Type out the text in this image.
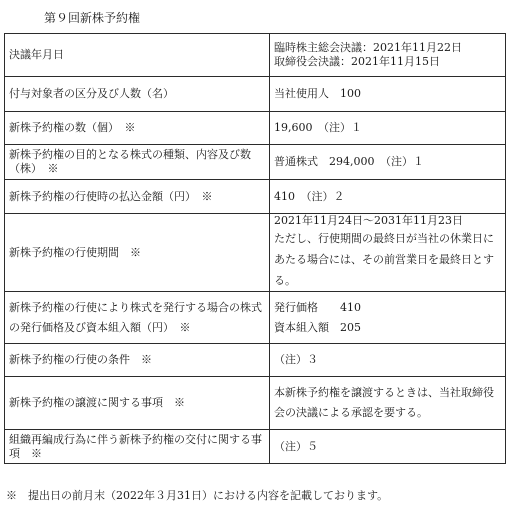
第９回新株予約権
決議年月日	臨時株主総会決議：2021年11月22日
取締役会決議：2021年11月15日

付与対象者の区分及び人数（名）	当社使用人　100

新株予約権の数（個）　※	19,600　（注）１

新株予約権の目的となる株式の種類、内容及び数（株）　※	普通株式　294,000　（注）１

新株予約権の行使時の払込金額（円）　※	410　（注）２

新株予約権の行使期間　※	2021年11月24日～2031年11月23日
ただし、行使期間の最終日が当社の休業日にあたる場合には、その前営業日を最終日とする。

新株予約権の行使により株式を発行する場合の株式の発行価格及び資本組入額（円）　※	発行価格　　410
資本組入額　205

新株予約権の行使の条件　※	（注）３

新株予約権の譲渡に関する事項　※	本新株予約権を譲渡するときは、当社取締役会の決議による承認を要する。

組織再編成行為に伴う新株予約権の交付に関する事項　※	（注）５
※　提出日の前月末（2022年３月31日）における内容を記載しております。
